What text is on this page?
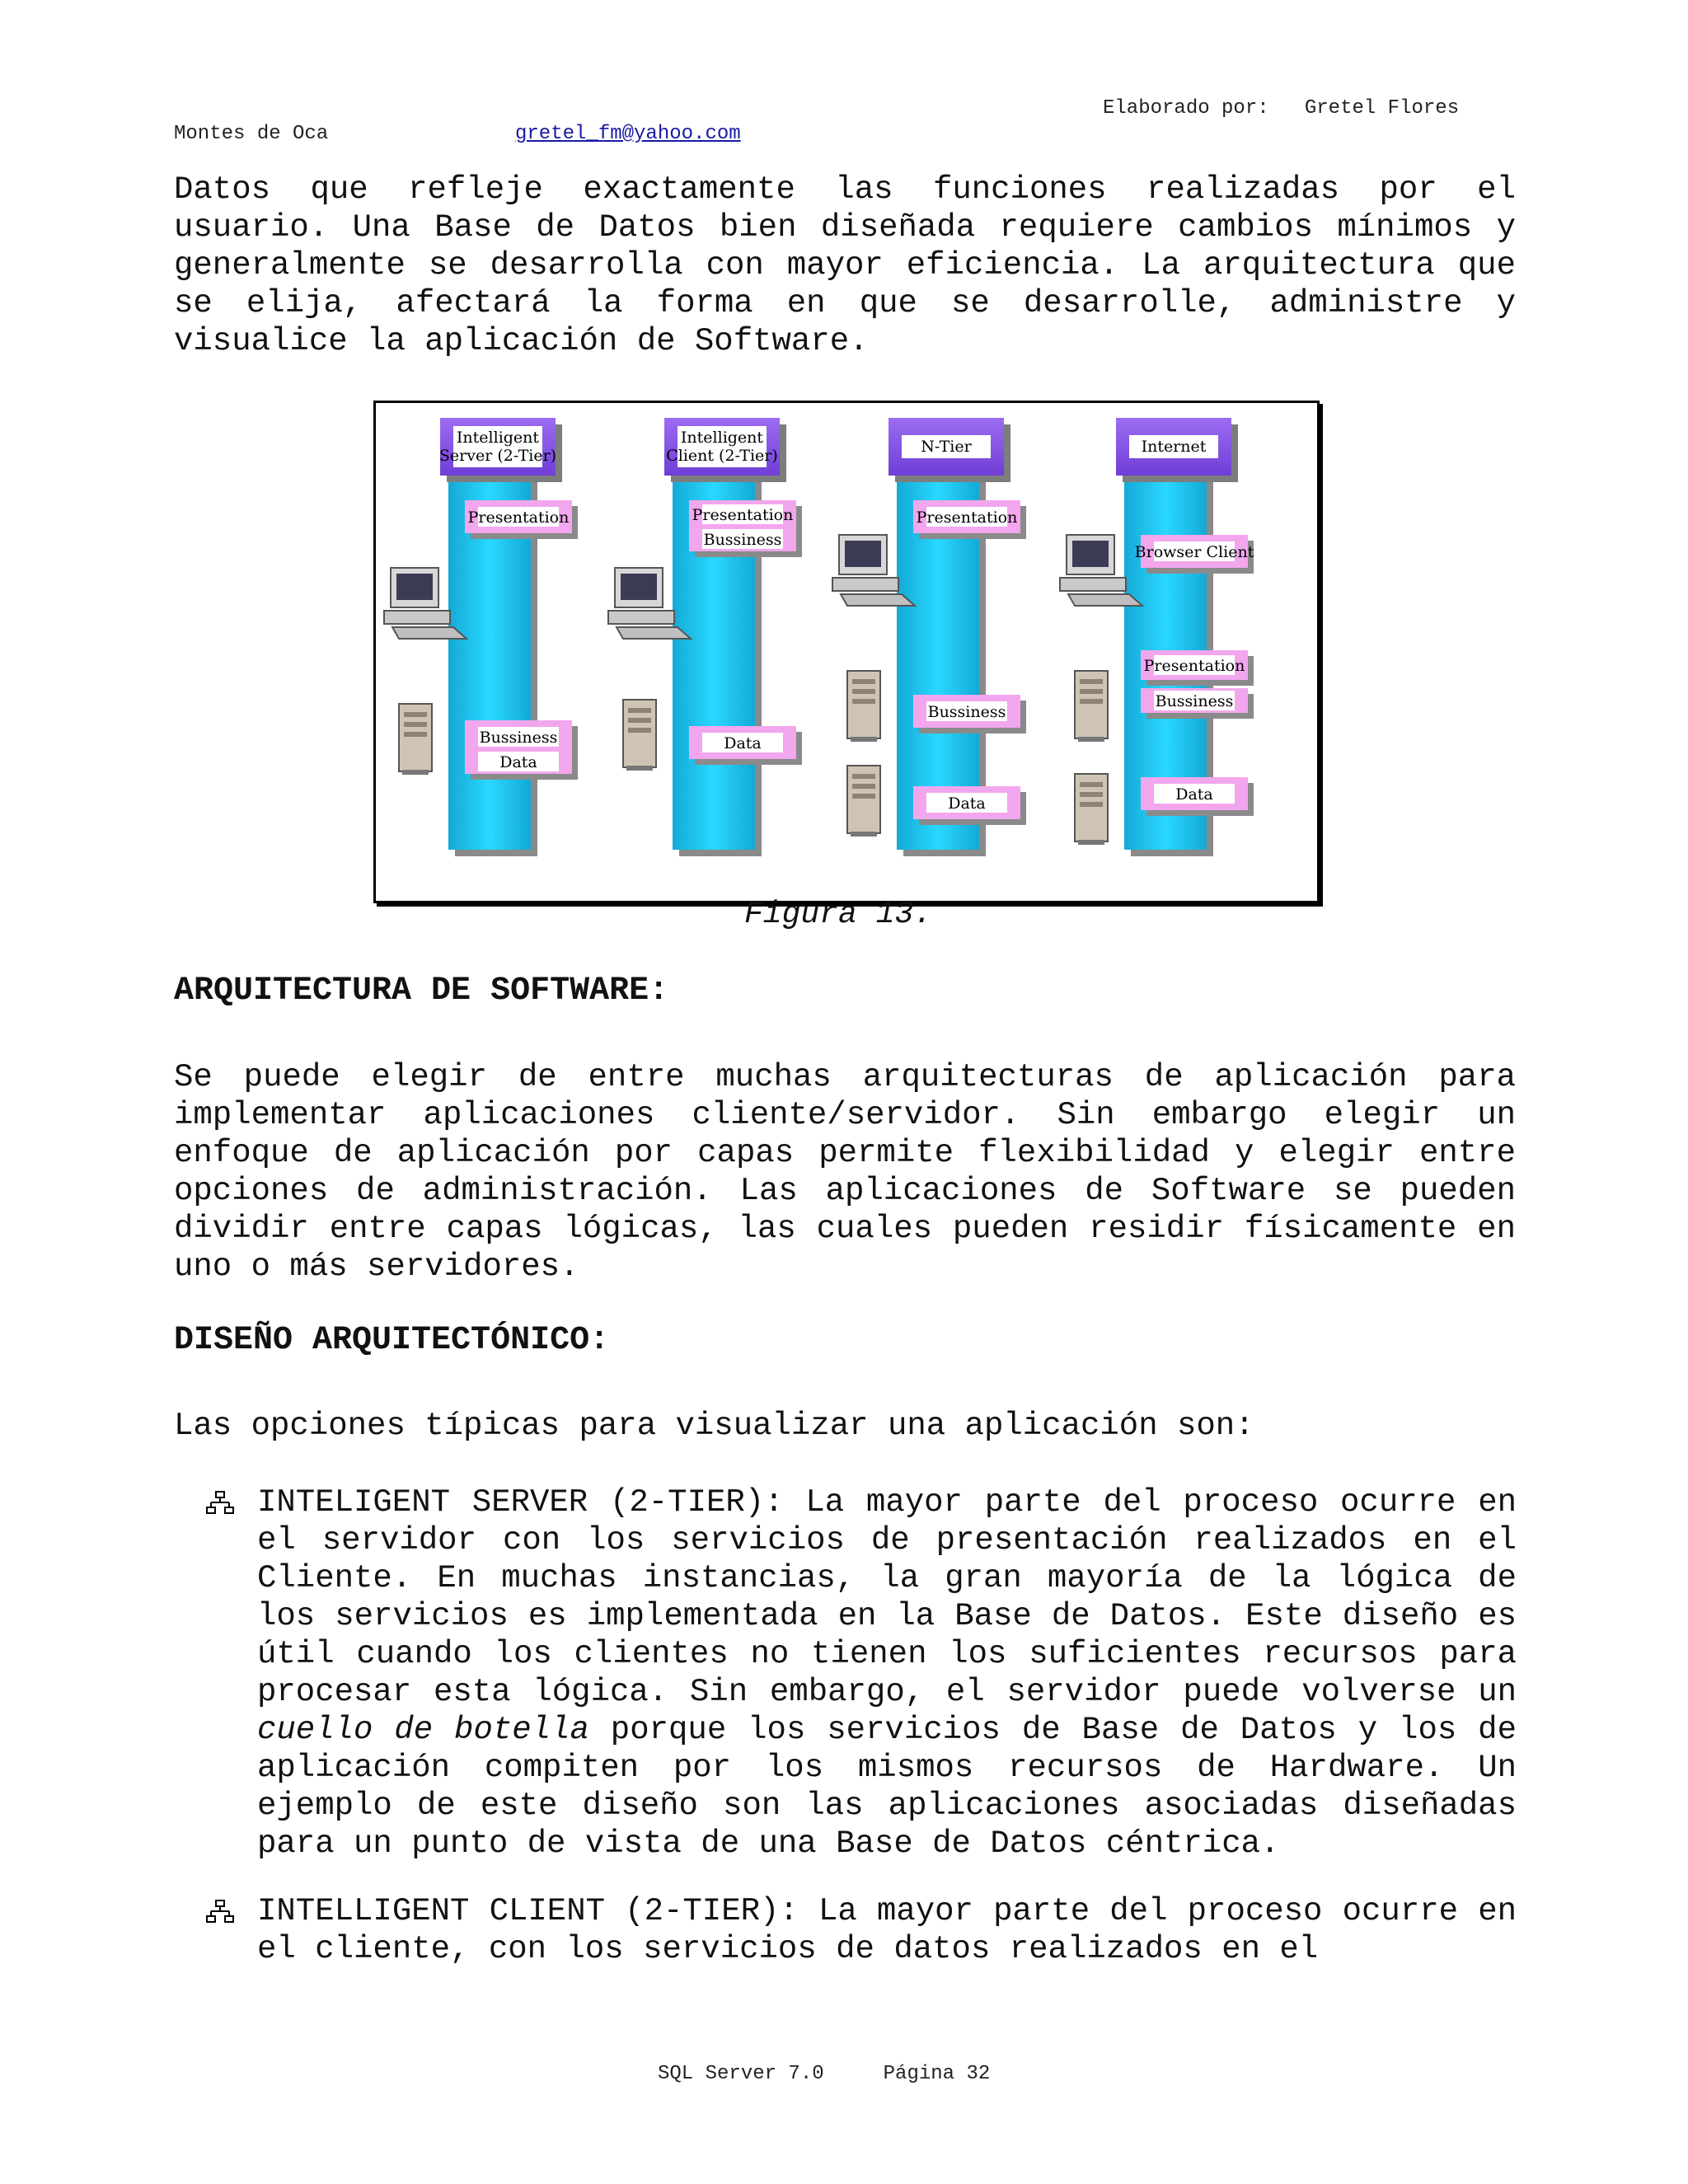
Elaborado por: Gretel Flores
Montes de Oca	gretel_fm@yahoo.com

Datos que refleje exactamente las funciones realizadas por el usuario. Una Base de Datos bien diseñada requiere cambios mínimos y generalmente se desarrolla con mayor eficiencia. La arquitectura que se elija, afectará la forma en que se desarrolle, administre y visualice la aplicación de Software.

Intelligent
Server (2-Tier)
Presentation
Bussiness
Data
Intelligent
Client (2-Tier)
Presentation
Bussiness
Data
N-Tier
Presentation
Bussiness
Data
Internet
Browser Client
Presentation
Bussiness
Data
Figura 13.
ARQUITECTURA DE SOFTWARE:

Se puede elegir de entre muchas arquitecturas de aplicación para implementar aplicaciones cliente/servidor. Sin embargo elegir un enfoque de aplicación por capas permite flexibilidad y elegir entre opciones de administración. Las aplicaciones de Software se pueden dividir entre capas lógicas, las cuales pueden residir físicamente en uno o más servidores.

DISEÑO ARQUITECTÓNICO:

Las opciones típicas para visualizar una aplicación son:

INTELIGENT SERVER (2-TIER): La mayor parte del proceso ocurre en el servidor con los servicios de presentación realizados en el Cliente. En muchas instancias, la gran mayoría de la lógica de los servicios es implementada en la Base de Datos. Este diseño es útil cuando los clientes no tienen los suficientes recursos para procesar esta lógica. Sin embargo, el servidor puede volverse un cuello de botella porque los servicios de Base de Datos y los de aplicación compiten por los mismos recursos de Hardware. Un ejemplo de este diseño son las aplicaciones asociadas diseñadas para un punto de vista de una Base de Datos céntrica.

INTELLIGENT CLIENT (2-TIER): La mayor parte del proceso ocurre en el cliente, con los servicios de datos realizados en el

SQL Server 7.0	Página 32
